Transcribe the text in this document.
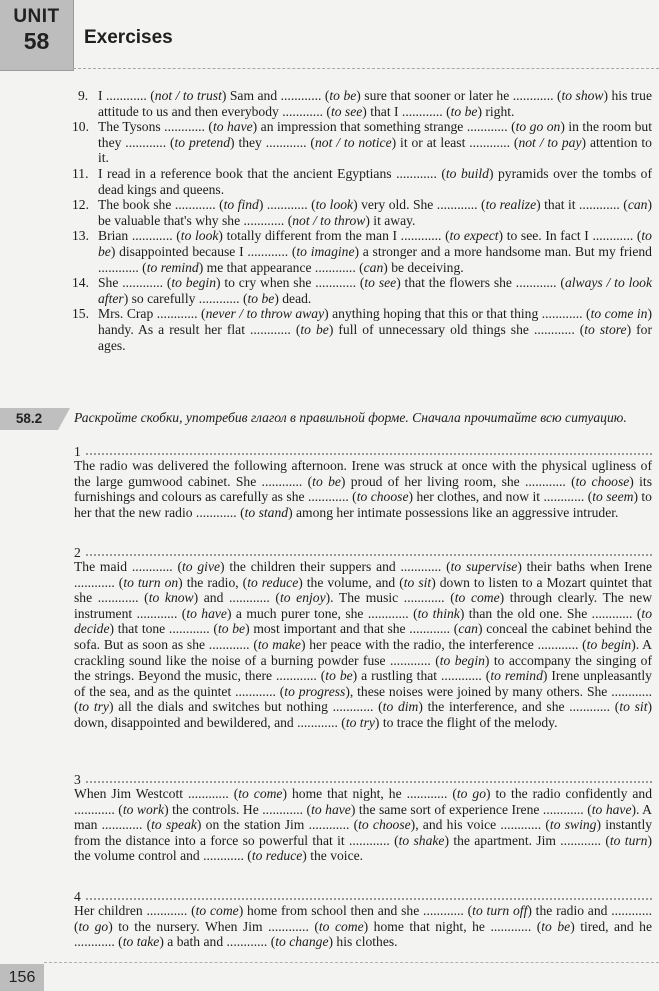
UNIT
58	Exercises
9. I ............ (not / to trust) Sam and ............ (to be) sure that sooner or later he ............ (to show) his true attitude to us and then everybody ............ (to see) that I ............ (to be) right.
10. The Tysons ............ (to have) an impression that something strange ............ (to go on) in the room but they ............ (to pretend) they ............ (not / to notice) it or at least ............ (not / to pay) attention to it.
11. I read in a reference book that the ancient Egyptians ............ (to build) pyramids over the tombs of dead kings and queens.
12. The book she ............ (to find) ............ (to look) very old. She ............ (to realize) that it ............ (can) be valuable that's why she ............ (not / to throw) it away.
13. Brian ............ (to look) totally different from the man I ............ (to expect) to see. In fact I ............ (to be) disappointed because I ............ (to imagine) a stronger and a more handsome man. But my friend ............ (to remind) me that appearance ............ (can) be deceiving.
14. She ............ (to begin) to cry when she ............ (to see) that the flowers she ............ (always / to look after) so carefully ............ (to be) dead.
15. Mrs. Crap ............ (never / to throw away) anything hoping that this or that thing ............ (to come in) handy. As a result her flat ............ (to be) full of unnecessary old things she ............ (to store) for ages.
58.2	Раскройте скобки, употребив глагол в правильной форме. Сначала прочитайте всю ситуацию.
1
The radio was delivered the following afternoon. Irene was struck at once with the physical ugliness of the large gumwood cabinet. She ............ (to be) proud of her living room, she ............ (to choose) its furnishings and colours as carefully as she ............ (to choose) her clothes, and now it ............ (to seem) to her that the new radio ............ (to stand) among her intimate possessions like an aggressive intruder.
2
The maid ............ (to give) the children their suppers and ............ (to supervise) their baths when Irene ............ (to turn on) the radio, (to reduce) the volume, and (to sit) down to listen to a Mozart quintet that she ............ (to know) and ............ (to enjoy). The music ............ (to come) through clearly. The new instrument ............ (to have) a much purer tone, she ............ (to think) than the old one. She ............ (to decide) that tone ............ (to be) most important and that she ............ (can) conceal the cabinet behind the sofa. But as soon as she ............ (to make) her peace with the radio, the interference ............ (to begin). A crackling sound like the noise of a burning powder fuse ............ (to begin) to accompany the singing of the strings. Beyond the music, there ............ (to be) a rustling that ............ (to remind) Irene unpleasantly of the sea, and as the quintet ............ (to progress), these noises were joined by many others. She ............ (to try) all the dials and switches but nothing ............ (to dim) the interference, and she ............ (to sit) down, disappointed and bewildered, and ............ (to try) to trace the flight of the melody.
3
When Jim Westcott ............ (to come) home that night, he ............ (to go) to the radio confidently and ............ (to work) the controls. He ............ (to have) the same sort of experience Irene ............ (to have). A man ............ (to speak) on the station Jim ............ (to choose), and his voice ............ (to swing) instantly from the distance into a force so powerful that it ............ (to shake) the apartment. Jim ............ (to turn) the volume control and ............ (to reduce) the voice.
4
Her children ............ (to come) home from school then and she ............ (to turn off) the radio and ............ (to go) to the nursery. When Jim ............ (to come) home that night, he ............ (to be) tired, and he ............ (to take) a bath and ............ (to change) his clothes.
156
